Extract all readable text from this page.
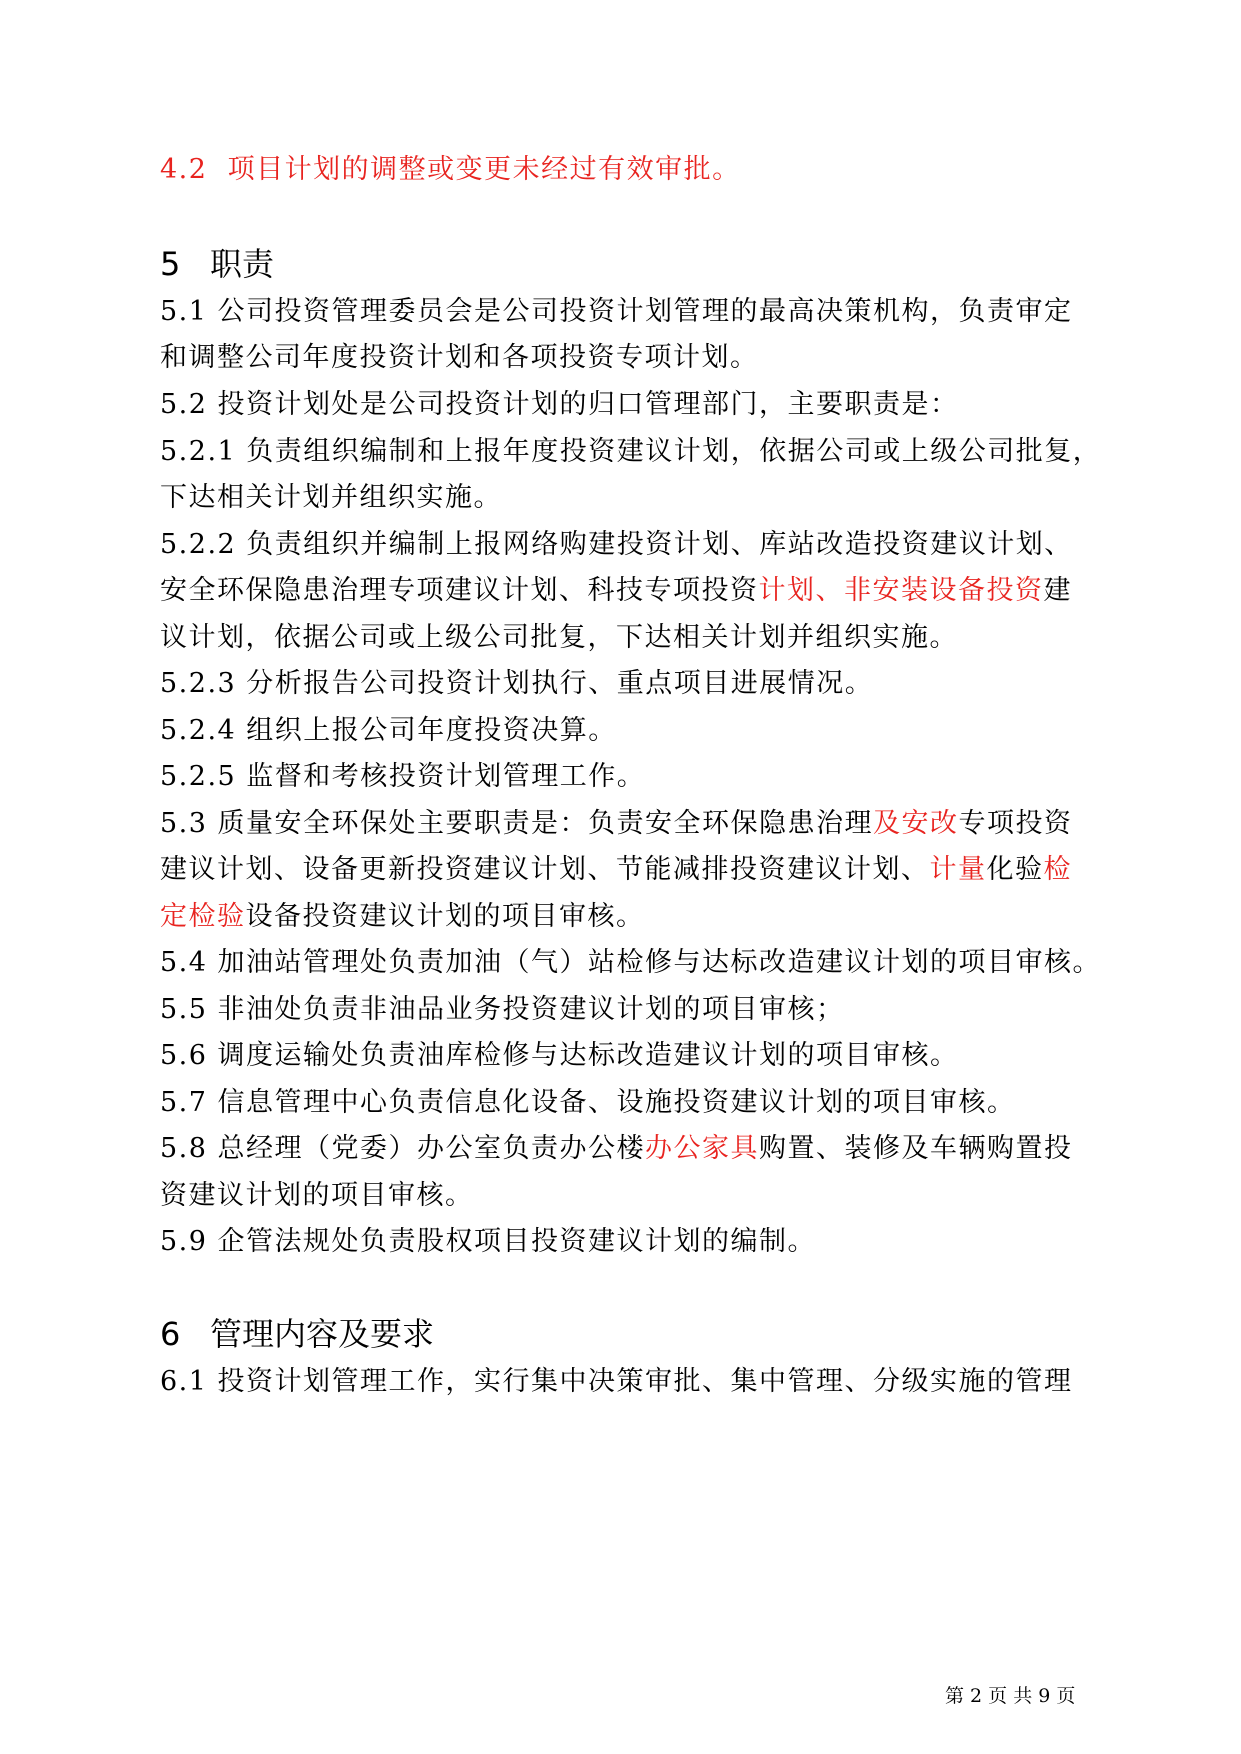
4.2 项目计划的调整或变更未经过有效审批。
5 职责
5.1 公司投资管理委员会是公司投资计划管理的最高决策机构，负责审定
和调整公司年度投资计划和各项投资专项计划。
5.2 投资计划处是公司投资计划的归口管理部门，主要职责是：
5.2.1 负责组织编制和上报年度投资建议计划，依据公司或上级公司批复，
下达相关计划并组织实施。
5.2.2 负责组织并编制上报网络购建投资计划、库站改造投资建议计划、
安全环保隐患治理专项建议计划、科技专项投资计划、非安装设备投资建
议计划，依据公司或上级公司批复，下达相关计划并组织实施。
5.2.3 分析报告公司投资计划执行、重点项目进展情况。
5.2.4 组织上报公司年度投资决算。
5.2.5 监督和考核投资计划管理工作。
5.3 质量安全环保处主要职责是：负责安全环保隐患治理及安改专项投资
建议计划、设备更新投资建议计划、节能减排投资建议计划、计量化验检
定检验设备投资建议计划的项目审核。
5.4 加油站管理处负责加油（气）站检修与达标改造建议计划的项目审核。
5.5 非油处负责非油品业务投资建议计划的项目审核；
5.6 调度运输处负责油库检修与达标改造建议计划的项目审核。
5.7 信息管理中心负责信息化设备、设施投资建议计划的项目审核。
5.8 总经理（党委）办公室负责办公楼办公家具购置、装修及车辆购置投
资建议计划的项目审核。
5.9 企管法规处负责股权项目投资建议计划的编制。
6 管理内容及要求
6.1 投资计划管理工作，实行集中决策审批、集中管理、分级实施的管理
第 2 页 共 9 页
